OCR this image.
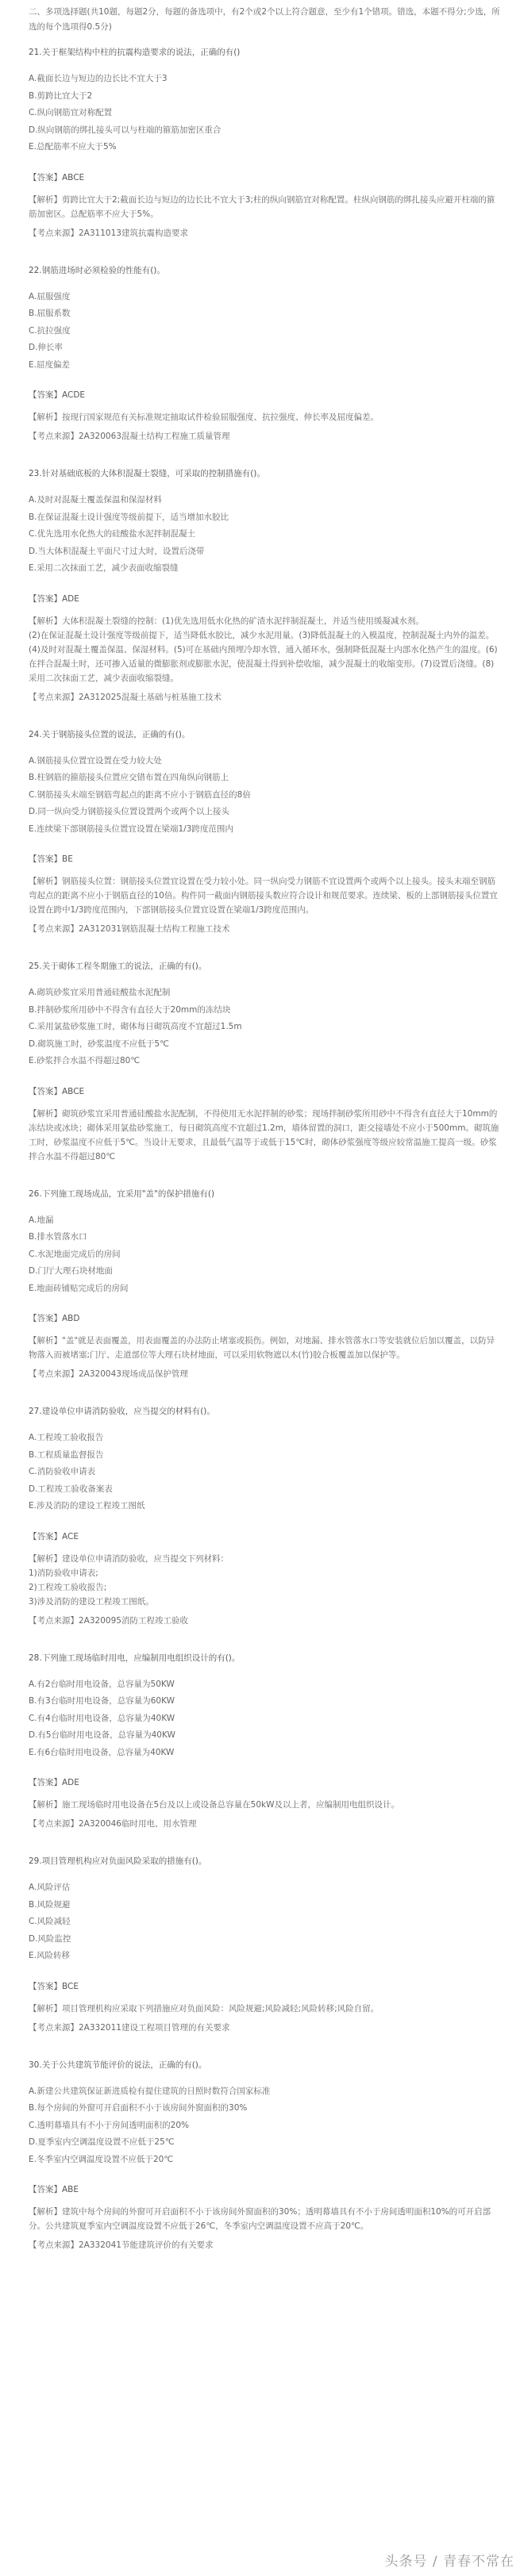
二、多项选择题(共10题，每题2分，每题的备选项中，有2个或2个以上符合题意，至少有1个错项。错选，本题不得分;少选，所选的每个选项得0.5分)

21.关于框架结构中柱的抗震构造要求的说法，正确的有()

A.截面长边与短边的边长比不宜大于3

B.剪跨比宜大于2

C.纵向钢筋宜对称配置

D.纵向钢筋的绑扎接头可以与柱端的箍筋加密区重合

E.总配筋率不应大于5%

【答案】ABCE

【解析】剪跨比宜大于2;截面长边与短边的边长比不宜大于3;柱的纵向钢筋宜对称配置。柱纵向钢筋的绑扎接头应避开柱端的箍筋加密区。总配筋率不应大于5%。

【考点来源】2A311013建筑抗震构造要求

22.钢筋进场时必须检验的性能有()。

A.屈服强度

B.屈服系数

C.抗拉强度

D.伸长率

E.屈度偏差

【答案】ACDE

【解析】按现行国家规范有关标准规定抽取试件检验屈服强度、抗拉强度、伸长率及屈度偏差。

【考点来源】2A320063混凝土结构工程施工质量管理

23.针对基础底板的大体积混凝土裂缝，可采取的控制措施有()。

A.及时对混凝土覆盖保温和保湿材料

B.在保证混凝土设计强度等级前提下，适当增加水胶比

C.优先选用水化热大的硅酸盐水泥拌制混凝土

D.当大体积混凝土平面尺寸过大时，设置后浇带

E.采用二次抹面工艺，减少表面收缩裂缝

【答案】ADE

【解析】大体积混凝土裂缝的控制：(1)优先选用低水化热的矿渣水泥拌制混凝土，并适当使用缓凝减水剂。

(2)在保证混凝土设计强度等级前提下，适当降低水胶比，减少水泥用量。(3)降低混凝土的入模温度，控制混凝土内外的温差。(4)及时对混凝土覆盖保温、保湿材料。(5)可在基础内预埋冷却水管，通入循环水，强制降低混凝土内部水化热产生的温度。(6)在拌合混凝土时，还可掺入适量的微膨胀剂或膨胀水泥，使混凝土得到补偿收缩，减少混凝土的收缩变形。(7)设置后浇缝。(8)采用二次抹面工艺，减少表面收缩裂缝。

【考点来源】2A312025混凝土基础与桩基施工技术

24.关于钢筋接头位置的说法，正确的有()。

A.钢筋接头位置宜设置在受力较大处

B.柱钢筋的箍筋接头位置应交错布置在四角纵向钢筋上

C.钢筋接头末端至钢筋弯起点的距离不应小于钢筋直径的8倍

D.同一纵向受力钢筋接头位置设置两个或两个以上接头

E.连续梁下部钢筋接头位置宜设置在梁端1/3跨度范围内

【答案】BE

【解析】钢筋接头位置：钢筋接头位置宜设置在受力较小处。同一纵向受力钢筋不宜设置两个或两个以上接头。接头末端至钢筋弯起点的距离不应小于钢筋直径的10倍。构件同一截面内钢筋接头数应符合设计和规范要求。连续梁、板的上部钢筋接头位置宜设置在跨中1/3跨度范围内，下部钢筋接头位置宜设置在梁端1/3跨度范围内。

【考点来源】2A312031钢筋混凝土结构工程施工技术

25.关于砌体工程冬期施工的说法，正确的有()。

A.砌筑砂浆宜采用普通硅酸盐水泥配制

B.拌制砂浆所用砂中不得含有直径大于20mm的冻结块

C.采用氯盐砂浆施工时，砌体每日砌筑高度不宜超过1.5m

D.砌筑施工时，砂浆温度不应低于5℃

E.砂浆拌合水温不得超过80℃

【答案】ABCE

【解析】砌筑砂浆宜采用普通硅酸盐水泥配制，不得使用无水泥拌制的砂浆；现场拌制砂浆所用砂中不得含有直径大于10mm的冻结块或冰块；砌体采用氯盐砂浆施工，每日砌筑高度不宜超过1.2m，墙体留置的洞口，距交接墙处不应小于500mm。砌筑施工时，砂浆温度不应低于5℃。当设计无要求，且最低气温等于或低于15℃时，砌体砂浆强度等级应较常温施工提高一级。砂浆拌合水温不得超过80℃

26.下列施工现场成品，宜采用"盖"的保护措施有()

A.地漏

B.排水管落水口

C.水泥地面完成后的房间

D.门厅大理石块材地面

E.地面砖铺贴完成后的房间

【答案】ABD

【解析】"盖"就是表面覆盖，用表面覆盖的办法防止堵塞或损伤。例如，对地漏、排水管落水口等安装就位后加以覆盖，以防异物落入而被堵塞;门厅、走道部位等大理石块材地面，可以采用软物遮以木(竹)胶合板覆盖加以保护等。

【考点来源】2A320043现场成品保护管理

27.建设单位申请消防验收，应当提交的材料有()。

A.工程竣工验收报告

B.工程质量监督报告

C.消防验收申请表

D.工程竣工验收备案表

E.涉及消防的建设工程竣工图纸

【答案】ACE

【解析】建设单位申请消防验收，应当提交下列材料：

1)消防验收申请表;

2)工程竣工验收报告;

3)涉及消防的建设工程竣工图纸。

【考点来源】2A320095消防工程竣工验收

28.下列施工现场临时用电，应编制用电组织设计的有()。

A.有2台临时用电设备，总容量为50KW

B.有3台临时用电设备，总容量为60KW

C.有4台临时用电设备，总容量为40KW

D.有5台临时用电设备，总容量为40KW

E.有6台临时用电设备，总容量为40KW

【答案】ADE

【解析】施工现场临时用电设备在5台及以上或设备总容量在50kW及以上者，应编制用电组织设计。

【考点来源】2A320046临时用电、用水管理

29.项目管理机构应对负面风险采取的措施有()。

A.风险评估

B.风险规避

C.风险减轻

D.风险监控

E.风险转移

【答案】BCE

【解析】项目管理机构应采取下列措施应对负面风险：风险规避;风险减轻;风险转移;风险自留。

【考点来源】2A332011建设工程项目管理的有关要求

30.关于公共建筑节能评价的说法，正确的有()。

A.新建公共建筑保证新进质检有提住建筑的日照时数符合国家标准

B.每个房间的外窗可开启面积不小于该房间外窗面积的30%

C.透明幕墙具有不小于房间透明面积的20%

D.夏季室内空调温度设置不应低于25℃

E.冬季室内空调温度设置不应低于20℃

【答案】ABE

【解析】建筑中每个房间的外窗可开启面积不小于该房间外窗面积的30%；透明幕墙具有不小于房间透明面积10%的可开启部分。公共建筑夏季室内空调温度设置不应低于26℃，冬季室内空调温度设置不应高于20℃。

【考点来源】2A332041节能建筑评价的有关要求

头条号 / 青春不常在
